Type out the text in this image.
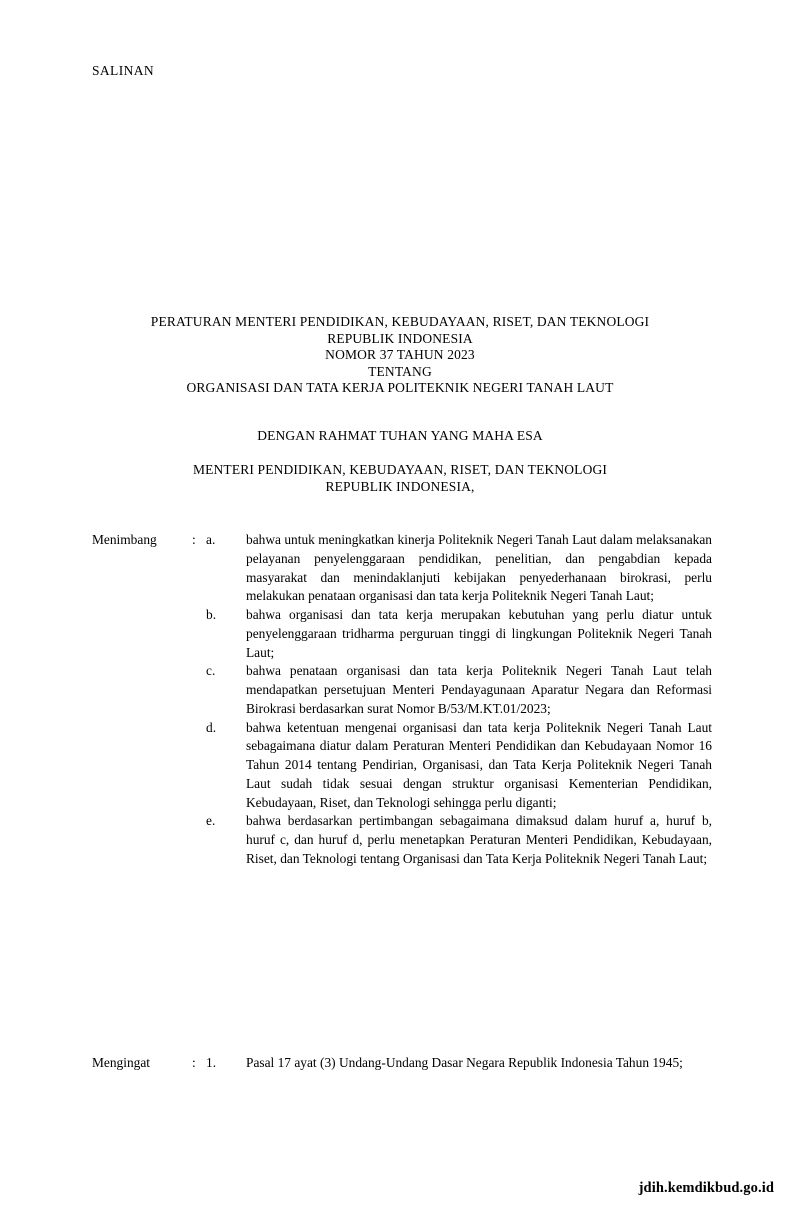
SALINAN
PERATURAN MENTERI PENDIDIKAN, KEBUDAYAAN, RISET, DAN TEKNOLOGI
REPUBLIK INDONESIA
NOMOR 37 TAHUN 2023
TENTANG
ORGANISASI DAN TATA KERJA POLITEKNIK NEGERI TANAH LAUT
DENGAN RAHMAT TUHAN YANG MAHA ESA
MENTERI PENDIDIKAN, KEBUDAYAAN, RISET, DAN TEKNOLOGI
REPUBLIK INDONESIA,
Menimbang	: a.	bahwa untuk meningkatkan kinerja Politeknik Negeri Tanah Laut dalam melaksanakan pelayanan penyelenggaraan pendidikan, penelitian, dan pengabdian kepada masyarakat dan menindaklanjuti kebijakan penyederhanaan birokrasi, perlu melakukan penataan organisasi dan tata kerja Politeknik Negeri Tanah Laut;
b.	bahwa organisasi dan tata kerja merupakan kebutuhan yang perlu diatur untuk penyelenggaraan tridharma perguruan tinggi di lingkungan Politeknik Negeri Tanah Laut;
c.	bahwa penataan organisasi dan tata kerja Politeknik Negeri Tanah Laut telah mendapatkan persetujuan Menteri Pendayagunaan Aparatur Negara dan Reformasi Birokrasi berdasarkan surat Nomor B/53/M.KT.01/2023;
d.	bahwa ketentuan mengenai organisasi dan tata kerja Politeknik Negeri Tanah Laut sebagaimana diatur dalam Peraturan Menteri Pendidikan dan Kebudayaan Nomor 16 Tahun 2014 tentang Pendirian, Organisasi, dan Tata Kerja Politeknik Negeri Tanah Laut sudah tidak sesuai dengan struktur organisasi Kementerian Pendidikan, Kebudayaan, Riset, dan Teknologi sehingga perlu diganti;
e.	bahwa berdasarkan pertimbangan sebagaimana dimaksud dalam huruf a, huruf b, huruf c, dan huruf d, perlu menetapkan Peraturan Menteri Pendidikan, Kebudayaan, Riset, dan Teknologi tentang Organisasi dan Tata Kerja Politeknik Negeri Tanah Laut;
Mengingat	: 1.	Pasal 17 ayat (3) Undang-Undang Dasar Negara Republik Indonesia Tahun 1945;
jdih.kemdikbud.go.id
